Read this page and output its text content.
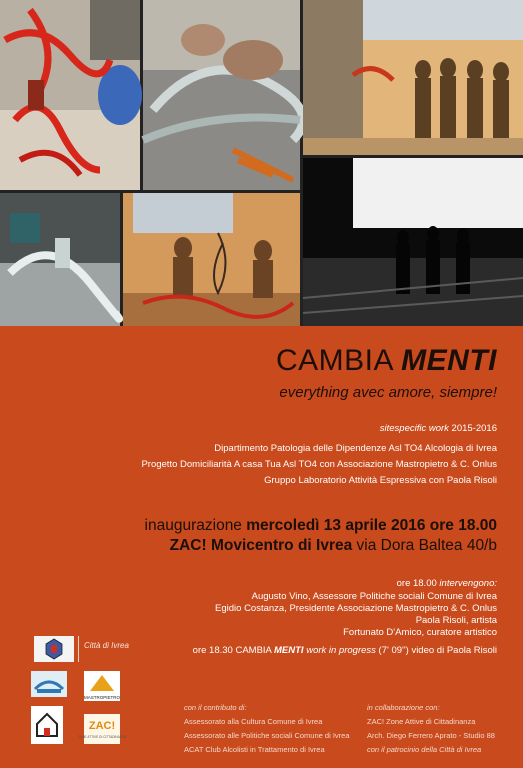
CAMBIA MENTI
everything avec amore, siempre!
sitespecific work 2015-2016
Dipartimento Patologia delle Dipendenze Asl TO4 Alcologia di Ivrea
Progetto Domiciliarità A casa Tua Asl TO4 con Associazione Mastropietro & C. Onlus
Gruppo Laboratorio Attività Espressiva con Paola Risoli
inaugurazione mercoledì 13 aprile 2016 ore 18.00
ZAC! Movicentro di Ivrea via Dora Baltea 40/b
ore 18.00 intervengono:
Augusto Vino, Assessore Politiche sociali Comune di Ivrea
Egidio Costanza, Presidente Associazione Mastropietro & C. Onlus
Paola Risoli, artista
Fortunato D'Amico, curatore artistico
ore 18.30 CAMBIA MENTI work in progress (7' 09'') video di Paola Risoli
Città di Ivrea
MASTROPIETRO
ZAC!
ZONE ATTIVE DI CITTADINANZA
con il contributo di:
Assessorato alla Cultura Comune di Ivrea
Assessorato alle Politiche sociali Comune di Ivrea
ACAT Club Alcolisti in Trattamento di Ivrea
in collaborazione con:
ZAC! Zone Attive di Cittadinanza
Arch. Diego Ferrero Aprato - Studio 88
con il patrocinio della Città di Ivrea
